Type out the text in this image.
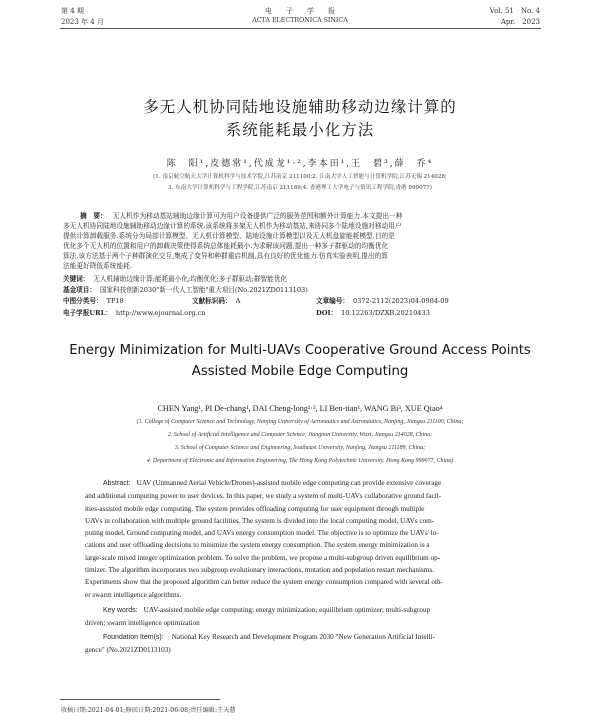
第 4 期	电　　子　　学　　报	Vol. 51　No. 4
2023 年 4 月	ACTA ELECTRONICA SINICA	Apr.　2023
多无人机协同陆地设施辅助移动边缘计算的
系统能耗最小化方法
陈　阳¹,皮德常¹,代成龙¹·²,李本田¹,王　碧³,薛　乔⁴
(1. 南京航空航天大学计算机科学与技术学院,江苏南京 211100;2. 江南大学人工智能与计算机学院,江苏无锡 214028;
3. 东南大学计算机科学与工程学院,江苏南京 211189;4. 香港理工大学电子与资讯工程学院,香港 999077)
摘　要： 无人机作为移动基站辅助边缘计算可为用户设备提供广泛的服务范围和额外计算能力.本文提出一种
多无人机协同陆地设施辅助移动边缘计算的系统.该系统将多架无人机作为移动基站,来协同多个陆地设施对移动用户
提供计算卸载服务.系统分为局部计算模型、无人机计算模型、陆地设施计算模型以及无人机盘旋能耗模型.目的是
优化多个无人机的位置和用户的卸载决策使得系统总体能耗最小.为求解该问题,提出一种多子群驱动的均衡优化
算法.该方法基于两个子种群演化交互,集成了变异和种群重启机制,具有良好的优化能力.仿真实验表明,提出的算
法能更好降低系统能耗.
关键词： 无人机辅助边缘计算;能耗最小化;均衡优化;多子群驱动;群智能优化
基金项目： 国家科技创新2030"新一代人工智能"重大项目(No.2021ZD0113103)
中图分类号： TP18	文献标识码： A	文章编号： 0372-2112(2023)04-0984-09
电子学报URL： http://www.ejournal.org.cn	DOI： 10.12263/DZXB.20210433
Energy Minimization for Multi-UAVs Cooperative Ground Access Points
Assisted Mobile Edge Computing
CHEN Yang¹, PI De-chang¹, DAI Cheng-long¹·², LI Ben-tian¹, WANG Bi³, XUE Qiao⁴
(1. College of Computer Science and Technology, Nanjing University of Aeronautics and Astronautics, Nanjing, Jiangsu 211100, China;
2. School of Artificial Intelligence and Computer Science, Jiangnan University, Wuxi, Jiangsu 214028, China;
3. School of Computer Science and Engineering, Southeast University, Nanjing, Jiangsu 211189, China;
4. Department of Electronic and Information Engineering, The Hong Kong Polytechnic University, Hong Kong 999077, China)
Abstract: UAV (Unmanned Aerial Vehicle/Drones)-assisted mobile edge computing can provide extensive coverage
and additional computing power to user devices. In this paper, we study a system of multi-UAVs collaborative ground facil-
ities-assisted mobile edge computing. The system provides offloading computing for user equipment through multiple
UAVs in collaboration with multiple ground facilities. The system is divided into the local computing model, UAVs com-
puting model, Ground computing model, and UAVs energy consumption model. The objective is to optimize the UAVs' lo-
cations and user offloading decisions to minimize the system energy consumption. The system energy minimization is a
large-scale mixed integer optimization problem. To solve the problem, we propose a multi-subgroup driven equilibrium op-
timizer. The algorithm incorporates two subgroup evolutionary interactions, mutation and population restart mechanisms.
Experiments show that the proposed algorithm can better reduce the system energy consumption compared with several oth-
er swarm intelligence algorithms.
Key words: UAV-assisted mobile edge computing; energy minimization; equilibrium optimizer; multi-subgroup
driven; swarm intelligence optimization
Foundation Item(s): National Key Research and Development Program 2030 "New Generation Artificial Intelli-
gence" (No.2021ZD0113103)
收稿日期:2021-04-01;修回日期:2021-06-08;责任编辑:王天慧
